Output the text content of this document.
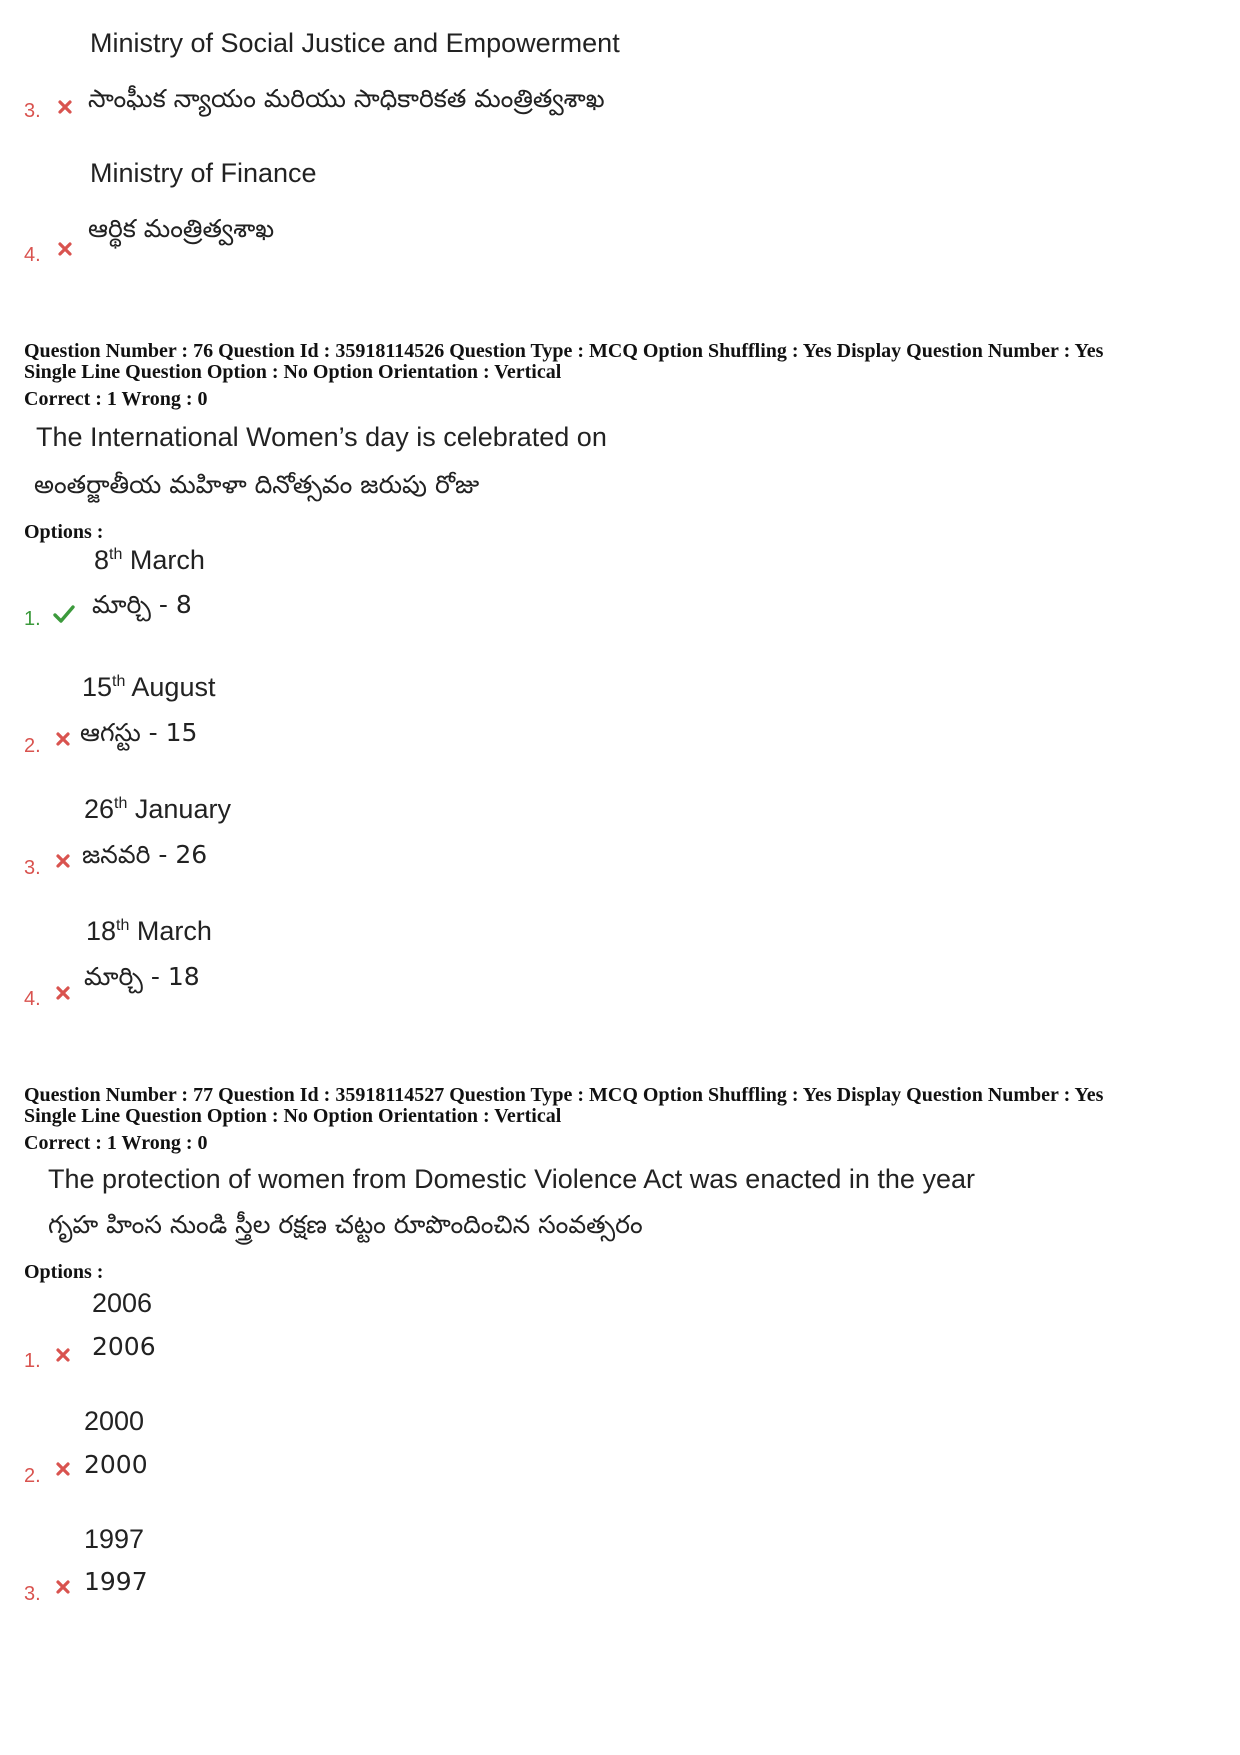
Ministry of Social Justice and Empowerment
సాంఘీక న్యాయం మరియు సాధికారికత మంత్రిత్వశాఖ
3.
Ministry of Finance
ఆర్థిక మంత్రిత్వశాఖ
4.
Question Number : 76 Question Id : 35918114526 Question Type : MCQ Option Shuffling : Yes Display Question Number : Yes
Single Line Question Option : No Option Orientation : Vertical
Correct : 1 Wrong : 0
The International Women’s day is celebrated on
అంతర్జాతీయ మహిళా దినోత్సవం జరుపు రోజు
Options :
8th March
మార్చి - 8
1.
15th August
ఆగస్టు - 15
2.
26th January
జనవరి - 26
3.
18th March
మార్చి - 18
4.
Question Number : 77 Question Id : 35918114527 Question Type : MCQ Option Shuffling : Yes Display Question Number : Yes
Single Line Question Option : No Option Orientation : Vertical
Correct : 1 Wrong : 0
The protection of women from Domestic Violence Act was enacted in the year
గృహ హింస నుండి స్త్రీల రక్షణ చట్టం రూపొందించిన సంవత్సరం
Options :
2006
2006
1.
2000
2000
2.
1997
1997
3.
